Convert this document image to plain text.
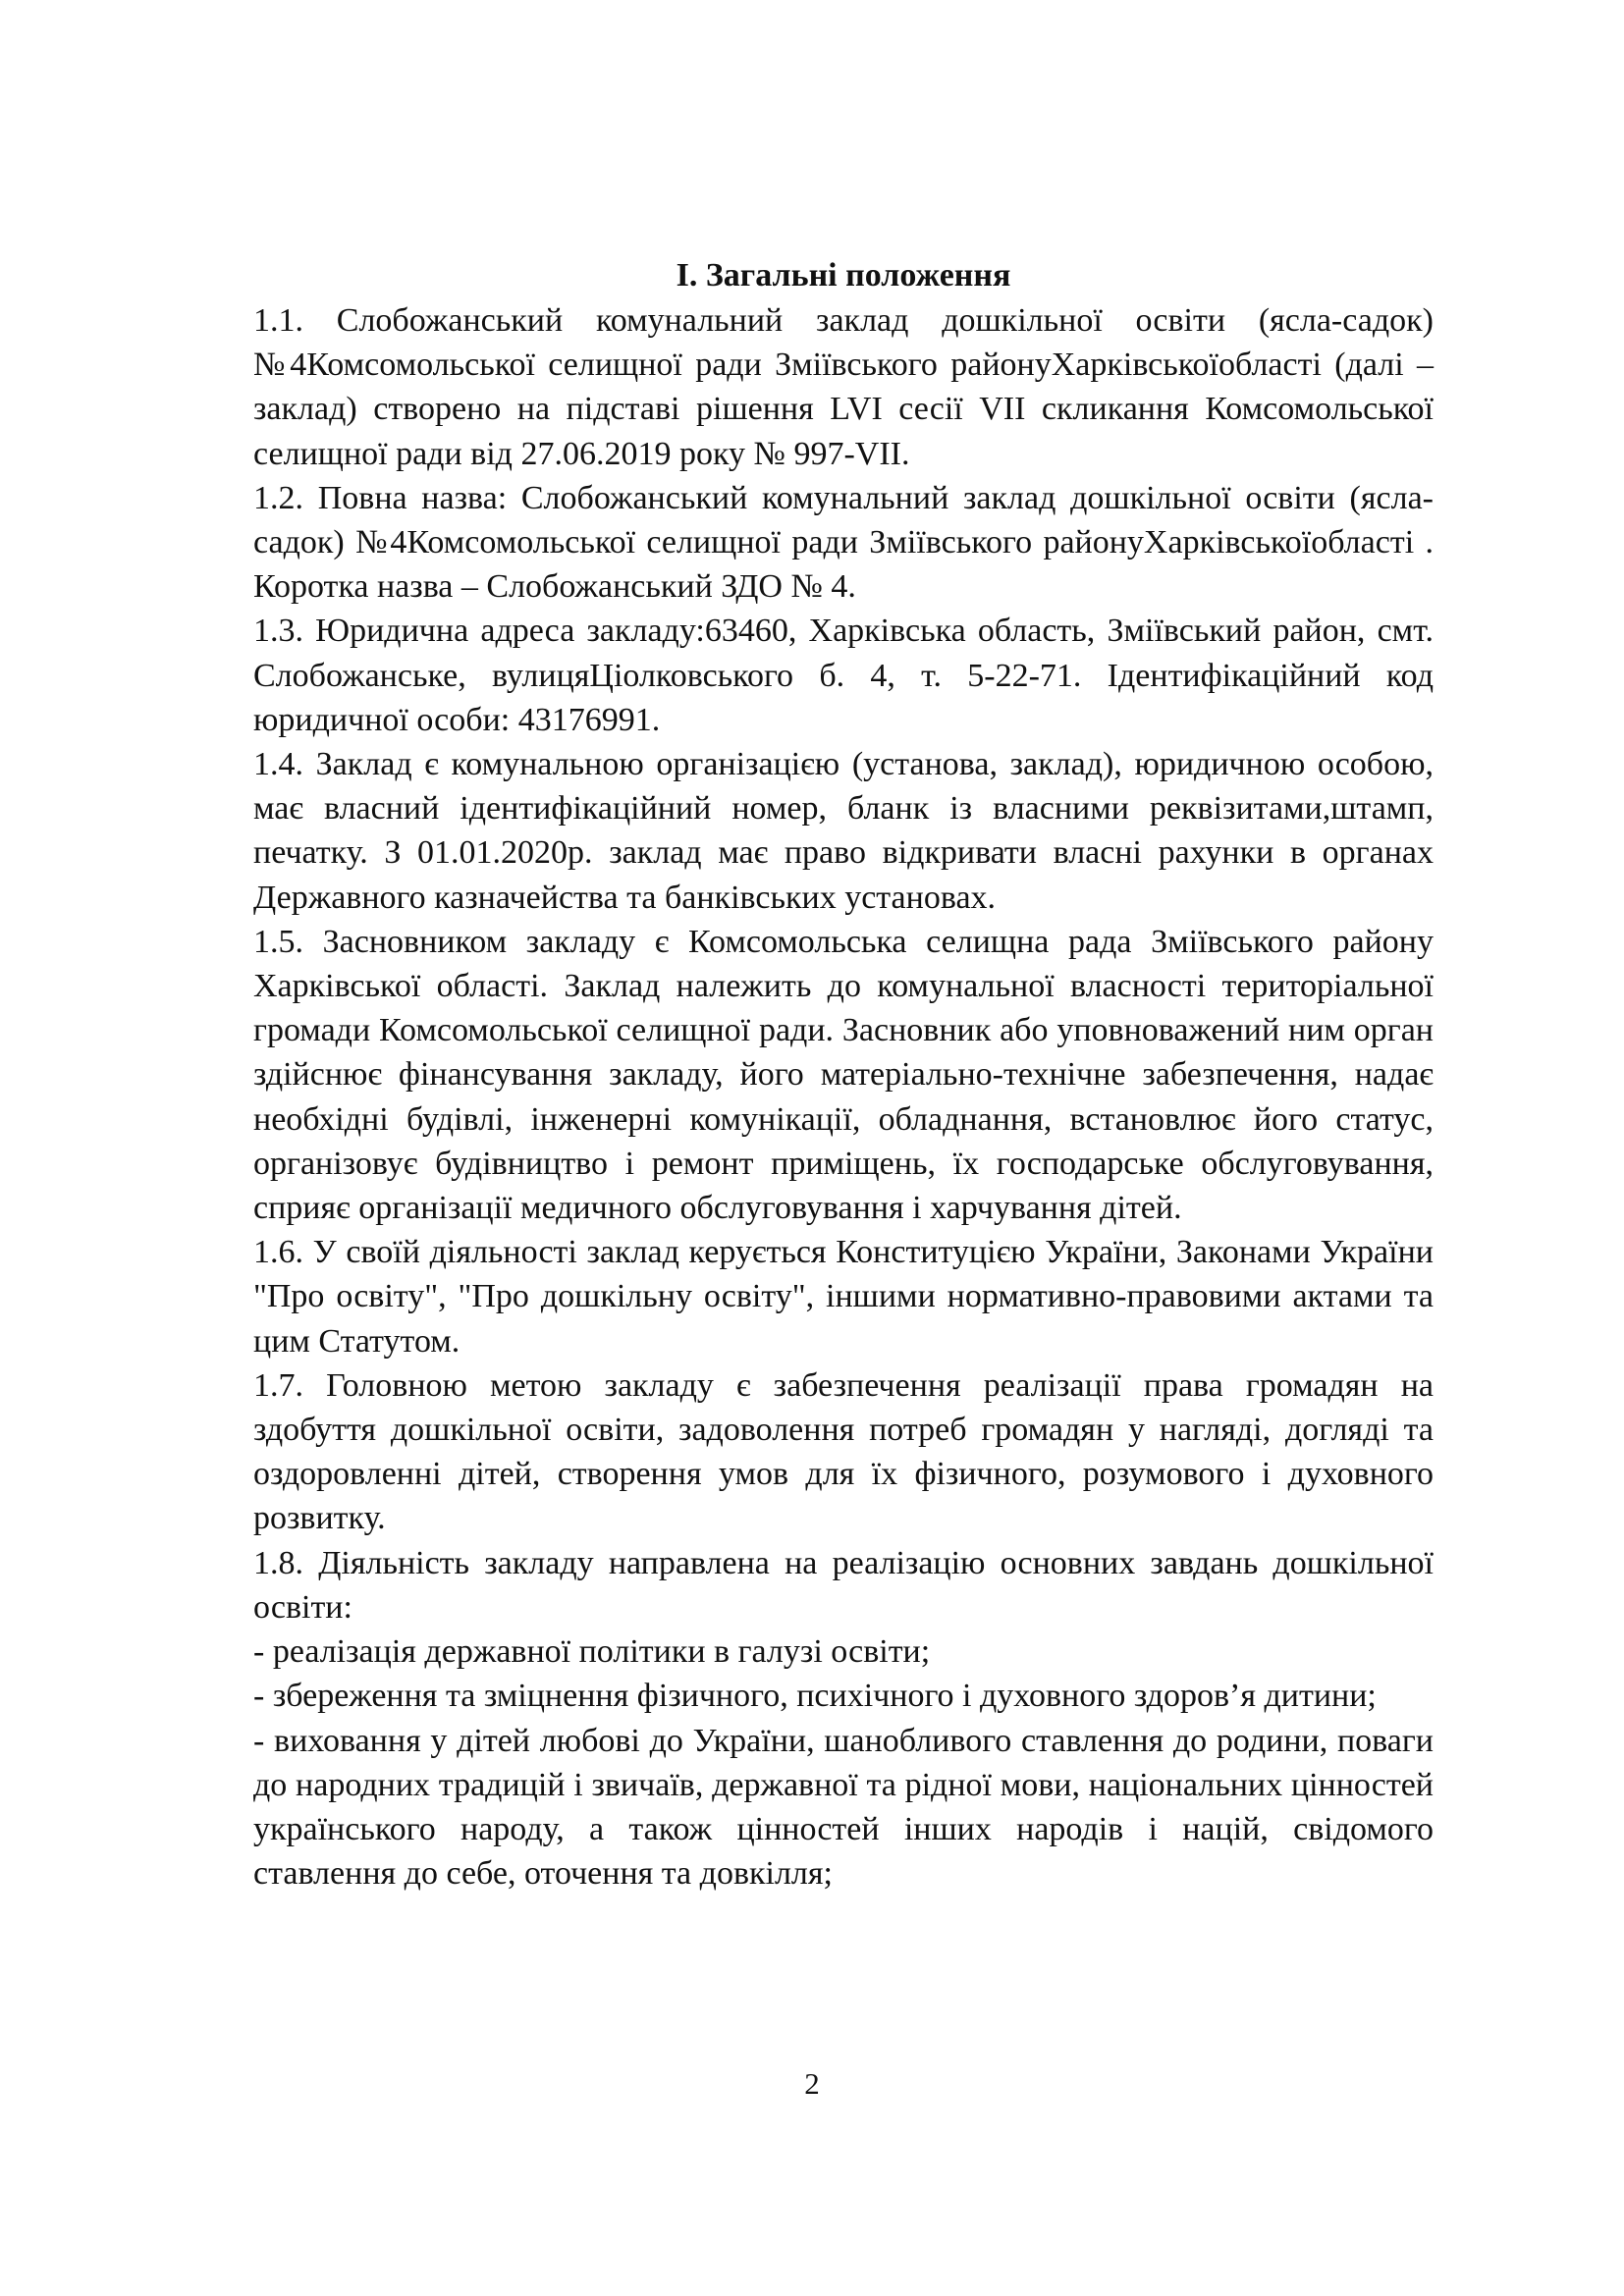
І. Загальні положення

1.1. Слобожанський комунальний заклад дошкільної освіти (ясла-садок) №4Комсомольської селищної ради Зміївського районуХарківськоїобласті (далі – заклад) створено на підставі рішення LVI сесії VII скликання Комсомольської селищної ради від 27.06.2019 року № 997-VII.

1.2. Повна назва: Слобожанський комунальний заклад дошкільної освіти (ясла-садок) №4Комсомольської селищної ради Зміївського районуХарківськоїобласті . Коротка назва – Слобожанський ЗДО № 4.

1.3. Юридична адреса закладу:63460, Харківська область, Зміївський район, смт. Слобожанське, вулицяЦіолковського б. 4, т. 5-22-71. Ідентифікаційний код юридичної особи: 43176991.

1.4. Заклад є комунальною організацією (установа, заклад), юридичною особою, має власний ідентифікаційний номер, бланк із власними реквізитами,штамп, печатку. З 01.01.2020р. заклад має право відкривати власні рахунки в органах Державного казначейства та банківських установах.

1.5. Засновником закладу є Комсомольська селищна рада Зміївського району Харківської області. Заклад належить до комунальної власності територіальної громади Комсомольської селищної ради. Засновник або уповноважений ним орган здійснює фінансування закладу, його матеріально-технічне забезпечення, надає необхідні будівлі, інженерні комунікації, обладнання, встановлює його статус, організовує будівництво і ремонт приміщень, їх господарське обслуговування, сприяє організації медичного обслуговування і харчування дітей.

1.6. У своїй діяльності заклад керується Конституцією України, Законами України "Про освіту", "Про дошкільну освіту", іншими нормативно-правовими актами та цим Статутом.

1.7. Головною метою закладу є забезпечення реалізації права громадян на здобуття дошкільної освіти, задоволення потреб громадян у нагляді, догляді та оздоровленні дітей, створення умов для їх фізичного, розумового і духовного розвитку.

1.8. Діяльність закладу направлена на реалізацію основних завдань дошкільної освіти:

- реалізація державної політики в галузі освіти;

- збереження та зміцнення фізичного, психічного і духовного здоров’я дитини;

- виховання у дітей любові до України, шанобливого ставлення до родини, поваги до народних традицій і звичаїв, державної та рідної мови, національних цінностей українського народу, а також цінностей інших народів і націй, свідомого ставлення до себе, оточення та довкілля;

2
